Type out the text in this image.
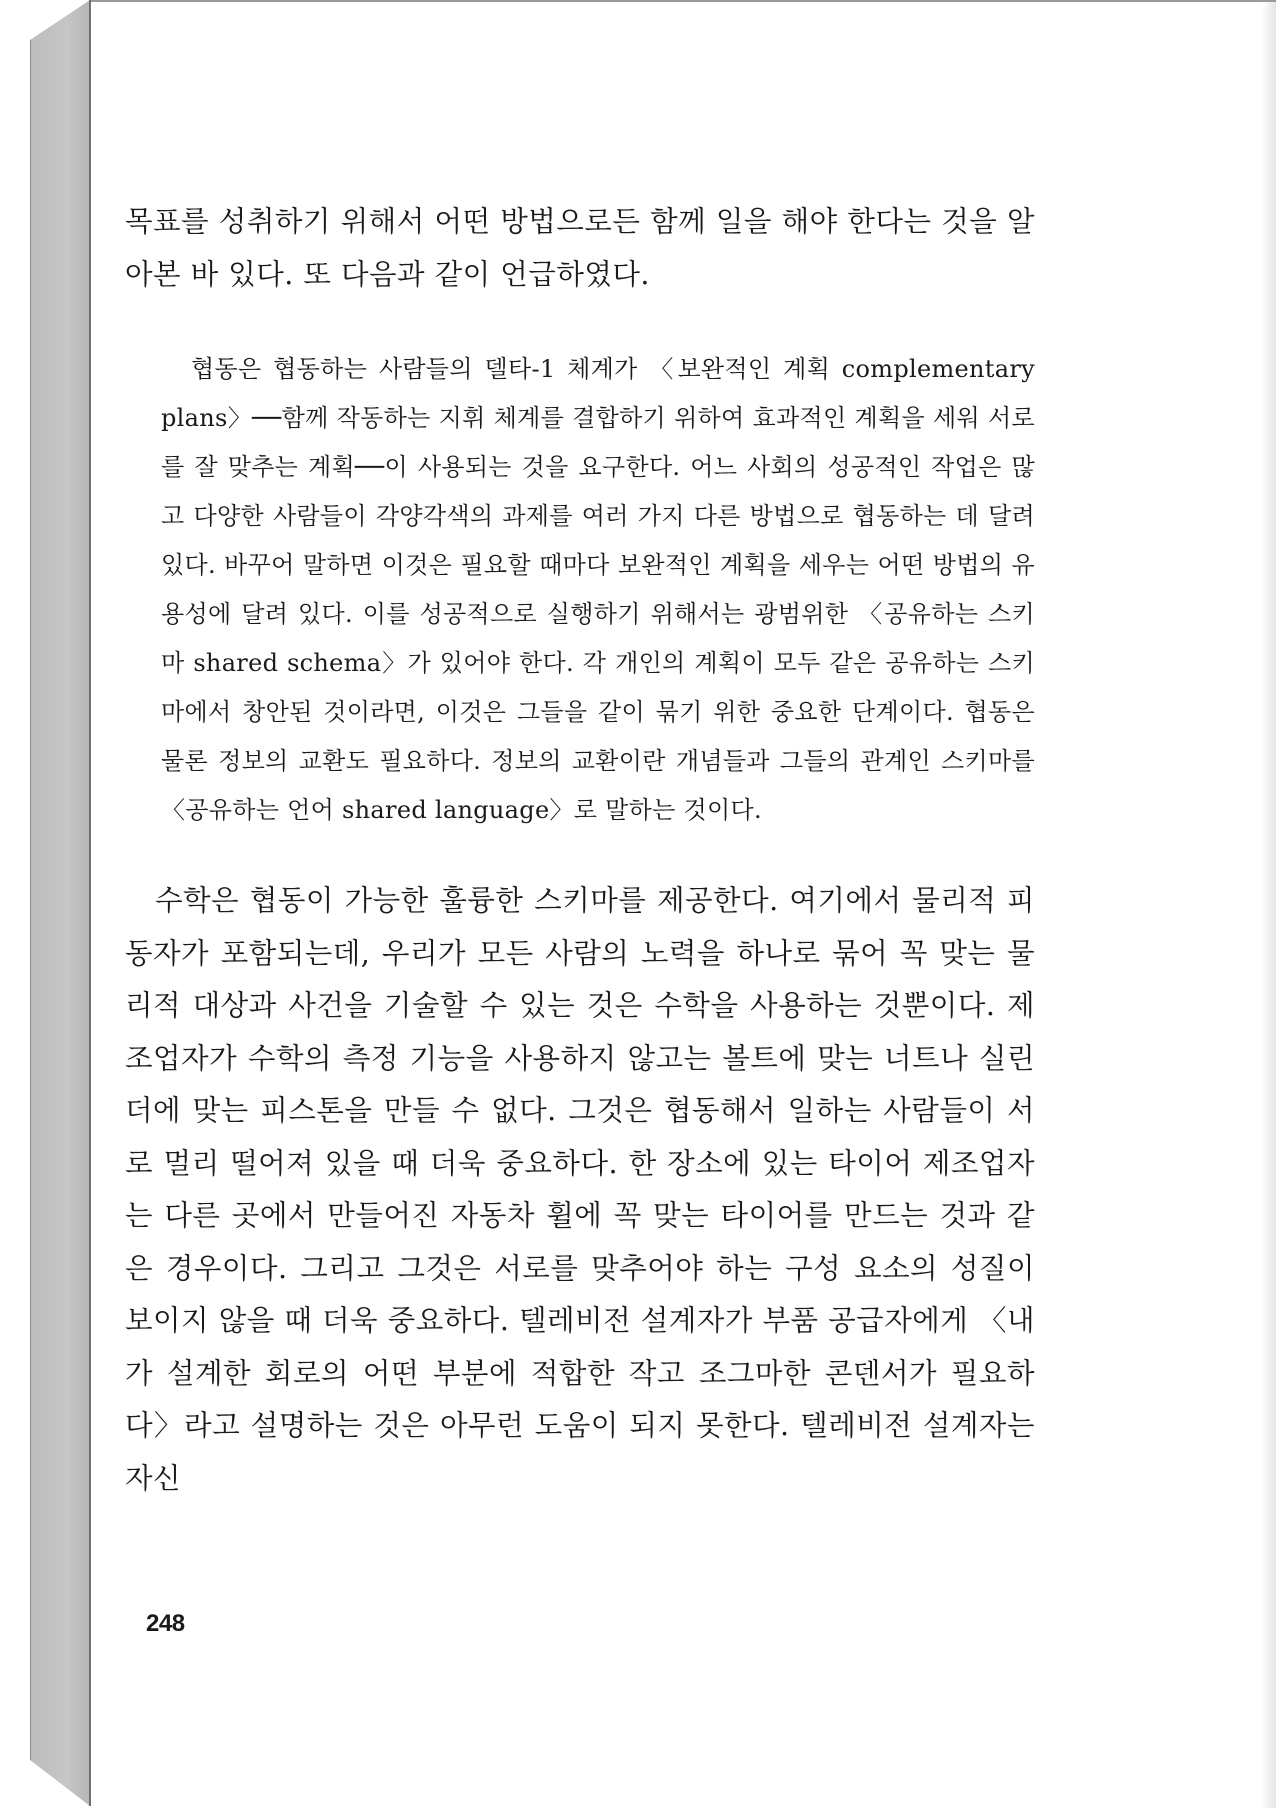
목표를 성취하기 위해서 어떤 방법으로든 함께 일을 해야 한다는 것을 알아본 바 있다. 또 다음과 같이 언급하였다.

협동은 협동하는 사람들의 델타-1 체계가 〈보완적인 계획 complementary plans〉──함께 작동하는 지휘 체계를 결합하기 위하여 효과적인 계획을 세워 서로를 잘 맞추는 계획──이 사용되는 것을 요구한다. 어느 사회의 성공적인 작업은 많고 다양한 사람들이 각양각색의 과제를 여러 가지 다른 방법으로 협동하는 데 달려 있다. 바꾸어 말하면 이것은 필요할 때마다 보완적인 계획을 세우는 어떤 방법의 유용성에 달려 있다. 이를 성공적으로 실행하기 위해서는 광범위한 〈공유하는 스키마 shared schema〉가 있어야 한다. 각 개인의 계획이 모두 같은 공유하는 스키마에서 창안된 것이라면, 이것은 그들을 같이 묶기 위한 중요한 단계이다. 협동은 물론 정보의 교환도 필요하다. 정보의 교환이란 개념들과 그들의 관계인 스키마를 〈공유하는 언어 shared language〉로 말하는 것이다.

수학은 협동이 가능한 훌륭한 스키마를 제공한다. 여기에서 물리적 피동자가 포함되는데, 우리가 모든 사람의 노력을 하나로 묶어 꼭 맞는 물리적 대상과 사건을 기술할 수 있는 것은 수학을 사용하는 것뿐이다. 제조업자가 수학의 측정 기능을 사용하지 않고는 볼트에 맞는 너트나 실린더에 맞는 피스톤을 만들 수 없다. 그것은 협동해서 일하는 사람들이 서로 멀리 떨어져 있을 때 더욱 중요하다. 한 장소에 있는 타이어 제조업자는 다른 곳에서 만들어진 자동차 휠에 꼭 맞는 타이어를 만드는 것과 같은 경우이다. 그리고 그것은 서로를 맞추어야 하는 구성 요소의 성질이 보이지 않을 때 더욱 중요하다. 텔레비전 설계자가 부품 공급자에게 〈내가 설계한 회로의 어떤 부분에 적합한 작고 조그마한 콘덴서가 필요하다〉라고 설명하는 것은 아무런 도움이 되지 못한다. 텔레비전 설계자는 자신

248
